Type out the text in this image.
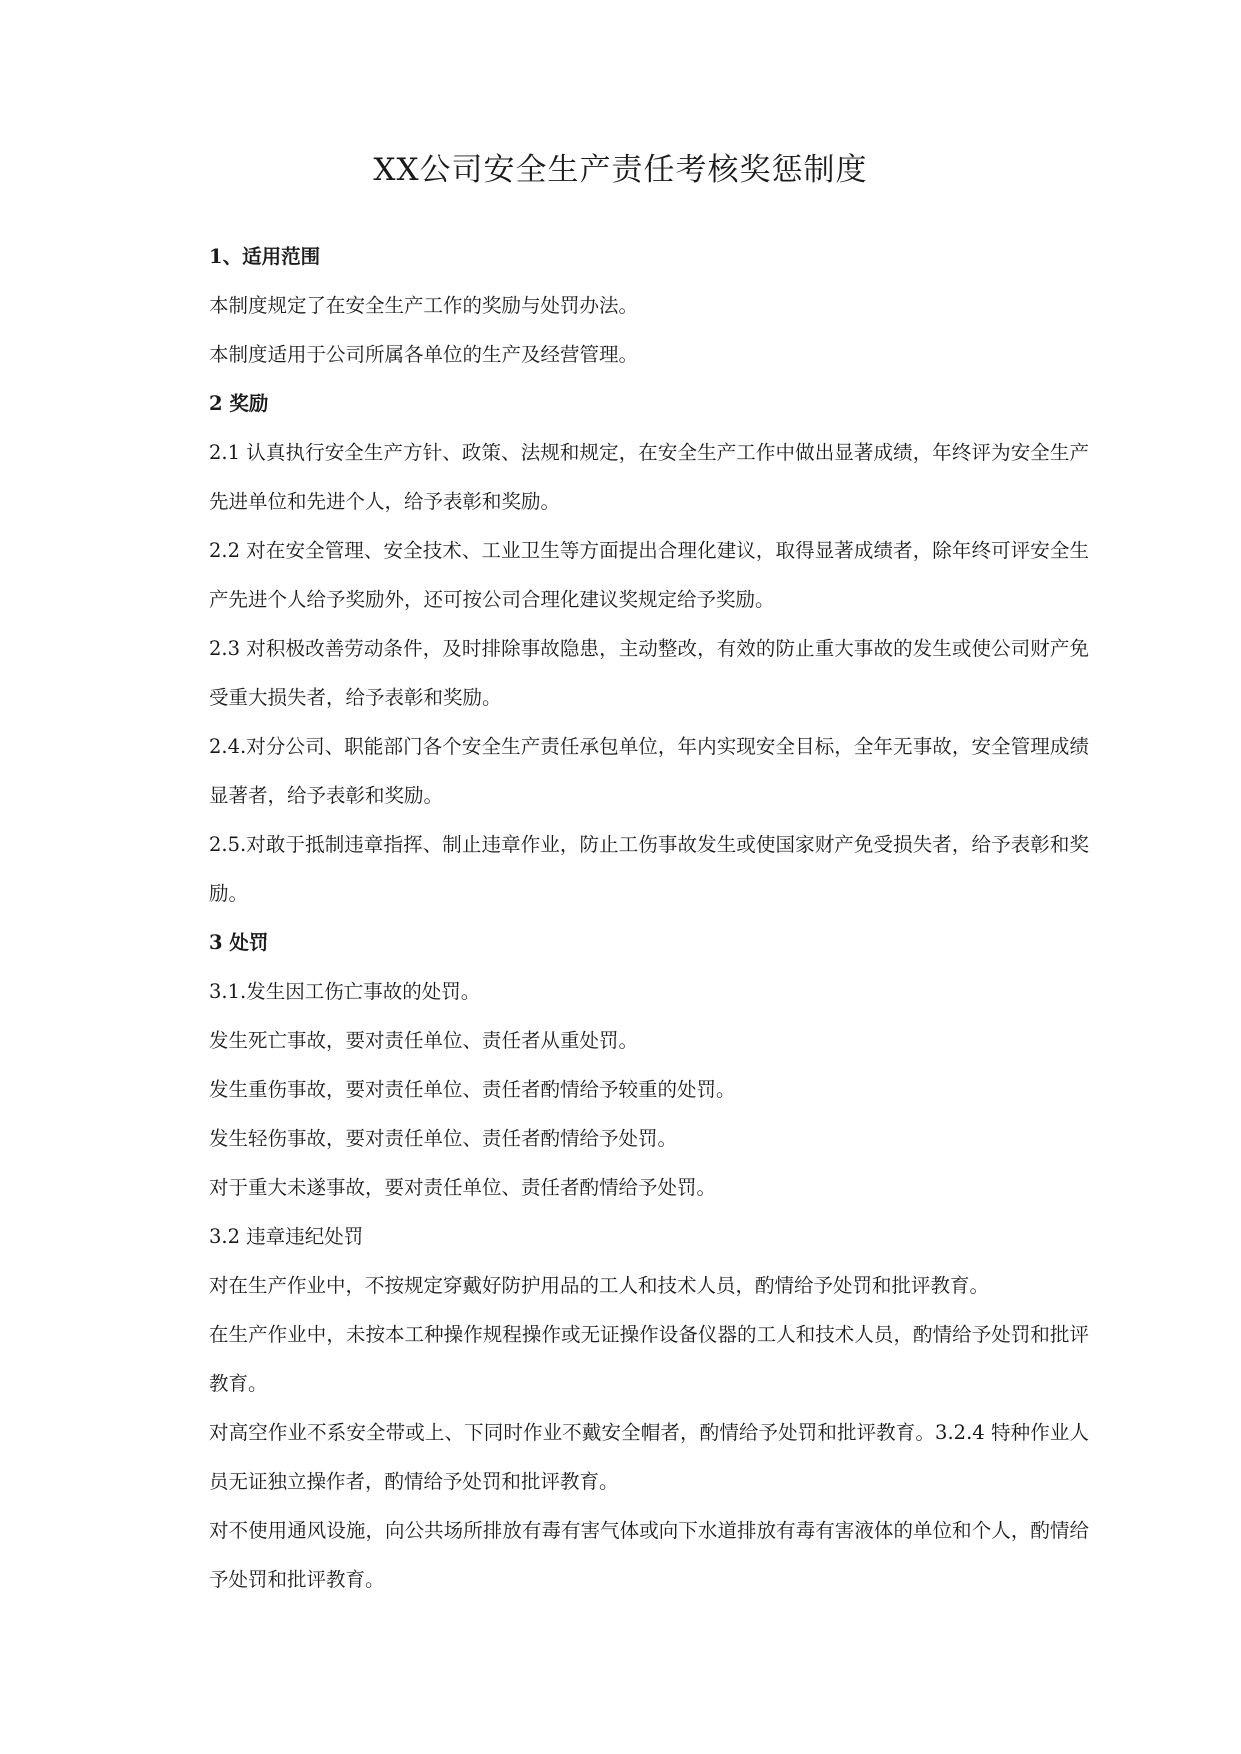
XX公司安全生产责任考核奖惩制度
1、适用范围

本制度规定了在安全生产工作的奖励与处罚办法。

本制度适用于公司所属各单位的生产及经营管理。

2 奖励

2.1 认真执行安全生产方针、政策、法规和规定，在安全生产工作中做出显著成绩，年终评为安全生产先进单位和先进个人，给予表彰和奖励。

2.2 对在安全管理、安全技术、工业卫生等方面提出合理化建议，取得显著成绩者，除年终可评安全生产先进个人给予奖励外，还可按公司合理化建议奖规定给予奖励。

2.3 对积极改善劳动条件，及时排除事故隐患，主动整改，有效的防止重大事故的发生或使公司财产免受重大损失者，给予表彰和奖励。

2.4.对分公司、职能部门各个安全生产责任承包单位，年内实现安全目标，全年无事故，安全管理成绩显著者，给予表彰和奖励。

2.5.对敢于抵制违章指挥、制止违章作业，防止工伤事故发生或使国家财产免受损失者，给予表彰和奖励。

3 处罚

3.1.发生因工伤亡事故的处罚。

发生死亡事故，要对责任单位、责任者从重处罚。

发生重伤事故，要对责任单位、责任者酌情给予较重的处罚。

发生轻伤事故，要对责任单位、责任者酌情给予处罚。

对于重大未遂事故，要对责任单位、责任者酌情给予处罚。

3.2 违章违纪处罚

对在生产作业中，不按规定穿戴好防护用品的工人和技术人员，酌情给予处罚和批评教育。

在生产作业中，未按本工种操作规程操作或无证操作设备仪器的工人和技术人员，酌情给予处罚和批评教育。

对高空作业不系安全带或上、下同时作业不戴安全帽者，酌情给予处罚和批评教育。3.2.4 特种作业人员无证独立操作者，酌情给予处罚和批评教育。

对不使用通风设施，向公共场所排放有毒有害气体或向下水道排放有毒有害液体的单位和个人，酌情给予处罚和批评教育。
